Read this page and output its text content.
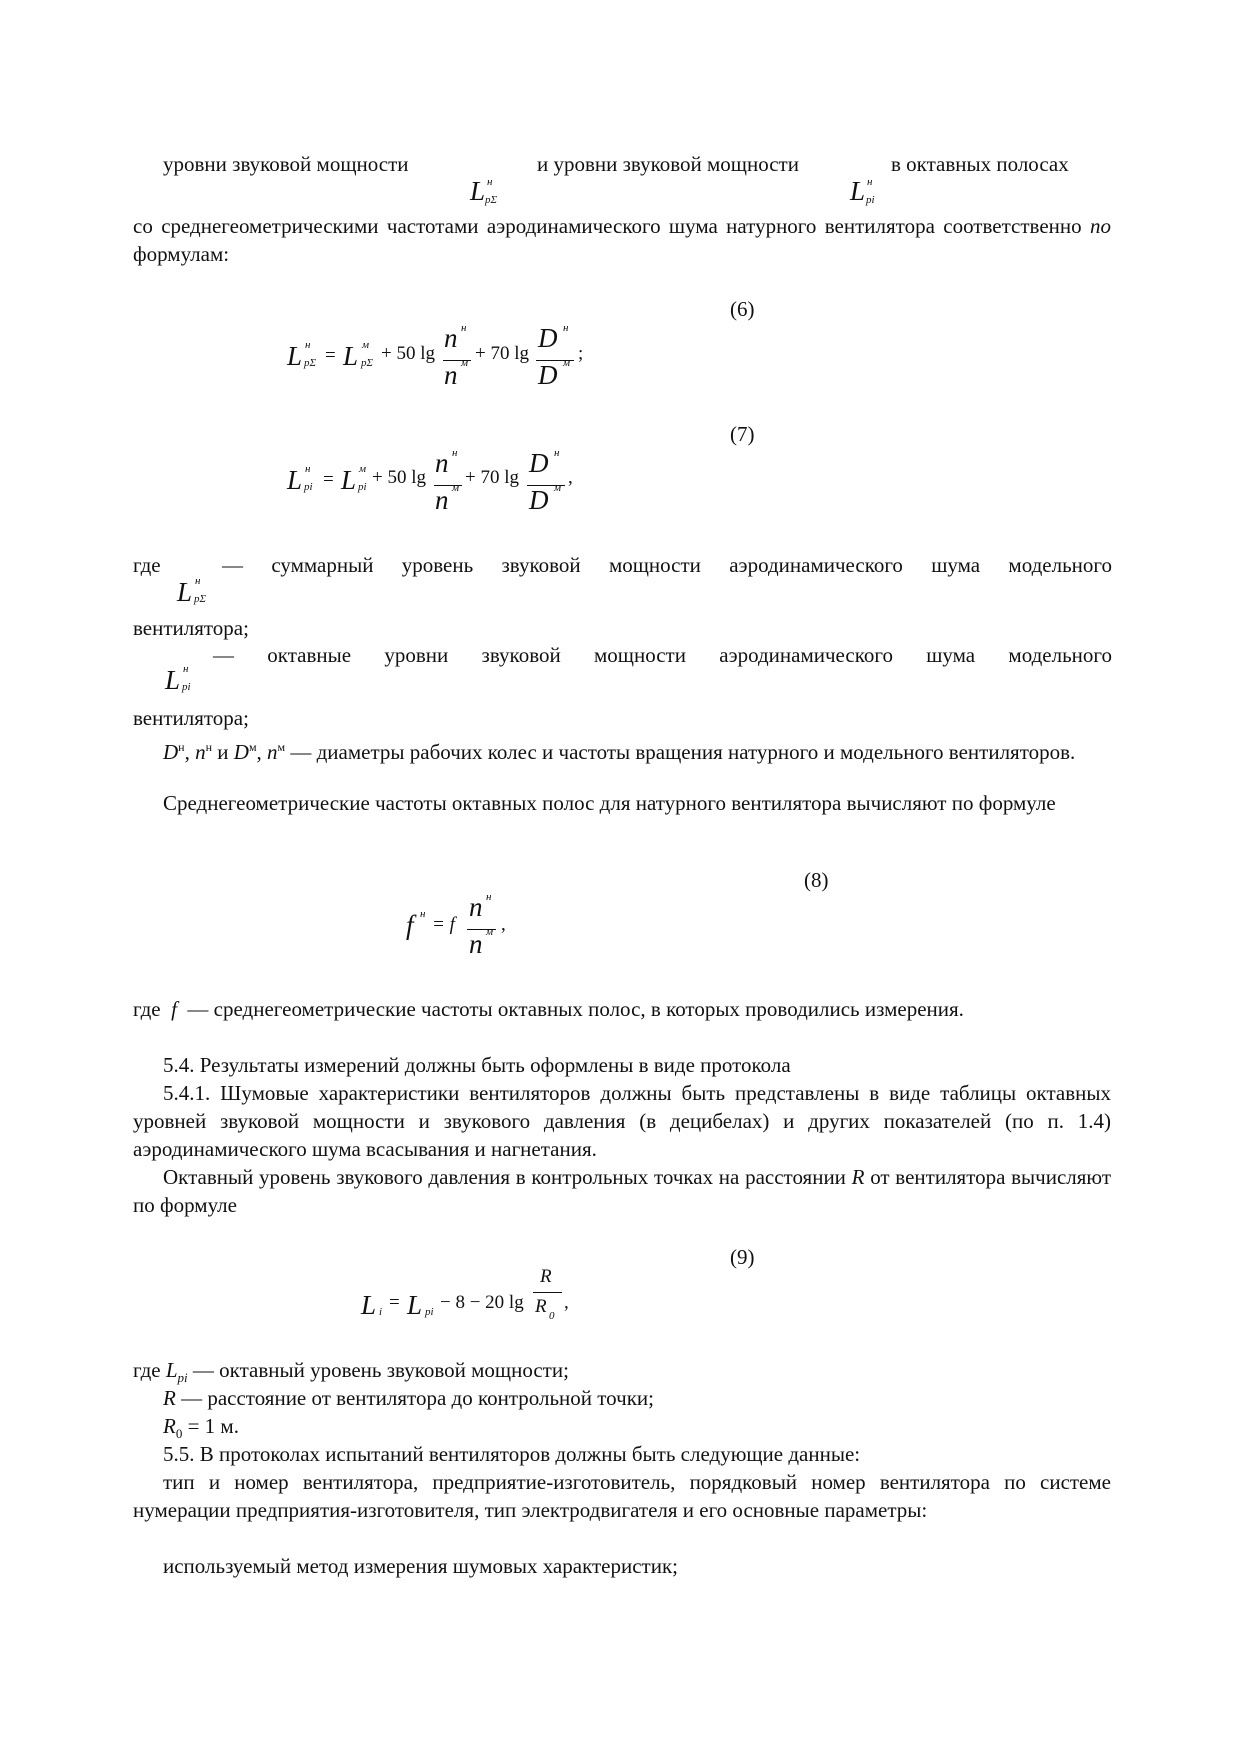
уровни звуковой мощности
L н
pΣ
и уровни звуковой мощности
L н
pi
в октавных полосах

со среднегеометрическими частотами аэродинамического шума натурного вентилятора соответственно по формулам:

(6)
L н
pΣ = L м
pΣ + 50 lg
n н
n м + 70 lg
D н
D м ;
(7)
L н
pi = L м
pi + 50 lg n н
n м + 70 lg D н
D м ,
где
L н
pΣ
— суммарный уровень звуковой мощности аэродинамического шума модельного
вентилятора;
L н
pi
— октавные уровни звуковой мощности аэродинамического шума модельного
вентилятора;

$D^н$, $n^н$ и $D^м$, $n^м$ — диаметры рабочих колес и частоты вращения натурного и модельного вентиляторов.

Среднегеометрические частоты октавных полос для натурного вентилятора вычисляют по формуле

(8)
f н = f
n н
n м ,

где f — среднегеометрические частоты октавных полос, в которых проводились измерения.

5.4. Результаты измерений должны быть оформлены в виде протокола

5.4.1. Шумовые характеристики вентиляторов должны быть представлены в виде таблицы октавных уровней звуковой мощности и звукового давления (в децибелах) и других показателей (по п. 1.4) аэродинамического шума всасывания и нагнетания.

Октавный уровень звукового давления в контрольных точках на расстоянии R от вентилятора вычисляют по формуле

(9)
L i = L pi − 8 − 20 lg
R
R 0
,

где $L_{pi}$ — октавный уровень звуковой мощности;

R — расстояние от вентилятора до контрольной точки;

$R_0 = 1$ м.

5.5. В протоколах испытаний вентиляторов должны быть следующие данные:

тип и номер вентилятора, предприятие-изготовитель, порядковый номер вентилятора по системе нумерации предприятия-изготовителя, тип электродвигателя и его основные параметры:

используемый метод измерения шумовых характеристик;
